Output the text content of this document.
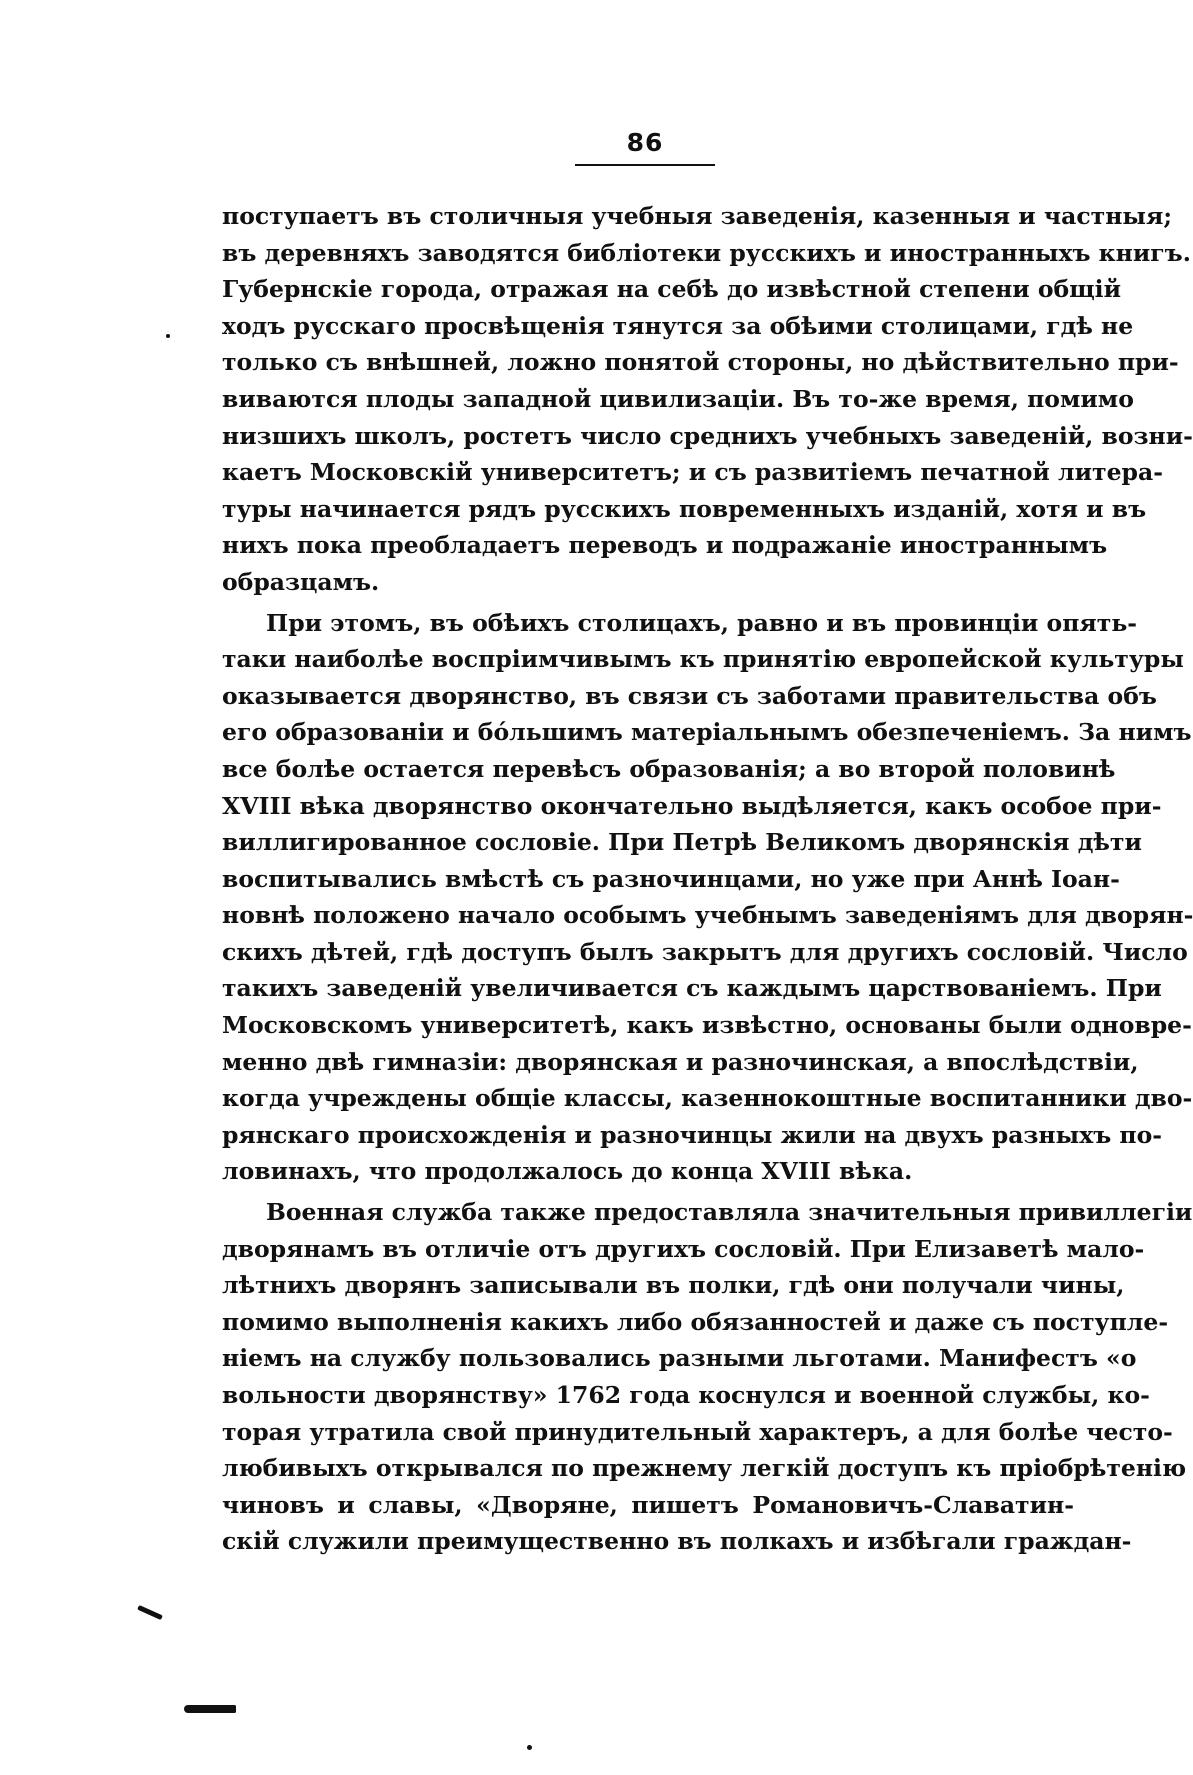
86
поступаетъ въ столичныя учебныя заведенія, казенныя и частныя;
въ деревняхъ заводятся библіотеки русскихъ и иностранныхъ книгъ.
Губернскіе города, отражая на себѣ до извѣстной степени общій
ходъ русскаго просвѣщенія тянутся за обѣими столицами, гдѣ не
только съ внѣшней, ложно понятой стороны, но дѣйствительно при-
виваются плоды западной цивилизаціи. Въ то-же время, помимо
низшихъ школъ, ростетъ число среднихъ учебныхъ заведеній, возни-
каетъ Московскій университетъ; и съ развитіемъ печатной литера-
туры начинается рядъ русскихъ повременныхъ изданій, хотя и въ
нихъ пока преобладаетъ переводъ и подражаніе иностраннымъ
образцамъ.
При этомъ, въ обѣихъ столицахъ, равно и въ провинціи опять-
таки наиболѣе воспріимчивымъ къ принятію европейской культуры
оказывается дворянство, въ связи съ заботами правительства объ
его образованіи и бо́льшимъ матеріальнымъ обезпеченіемъ. За нимъ
все болѣе остается перевѣсъ образованія; а во второй половинѣ
XVIII вѣка дворянство окончательно выдѣляется, какъ особое при-
виллигированное сословіе. При Петрѣ Великомъ дворянскія дѣти
воспитывались вмѣстѣ съ разночинцами, но уже при Аннѣ Іоан-
новнѣ положено начало особымъ учебнымъ заведеніямъ для дворян-
скихъ дѣтей, гдѣ доступъ былъ закрытъ для другихъ сословій. Число
такихъ заведеній увеличивается съ каждымъ царствованіемъ. При
Московскомъ университетѣ, какъ извѣстно, основаны были одновре-
менно двѣ гимназіи: дворянская и разночинская, а впослѣдствіи,
когда учреждены общіе классы, казеннокоштные воспитанники дво-
рянскаго происхожденія и разночинцы жили на двухъ разныхъ по-
ловинахъ, что продолжалось до конца XVIII вѣка.
Военная служба также предоставляла значительныя привиллегіи
дворянамъ въ отличіе отъ другихъ сословій. При Елизаветѣ мало-
лѣтнихъ дворянъ записывали въ полки, гдѣ они получали чины,
помимо выполненія какихъ либо обязанностей и даже съ поступле-
ніемъ на службу пользовались разными льготами. Манифестъ «о
вольности дворянству» 1762 года коснулся и военной службы, ко-
торая утратила свой принудительный характеръ, а для болѣе често-
любивыхъ открывался по прежнему легкій доступъ къ пріобрѣтенію
чиновъ и славы, «Дворяне, пишетъ Романовичъ-Славатин-
скій служили преимущественно въ полкахъ и избѣгали граждан-
